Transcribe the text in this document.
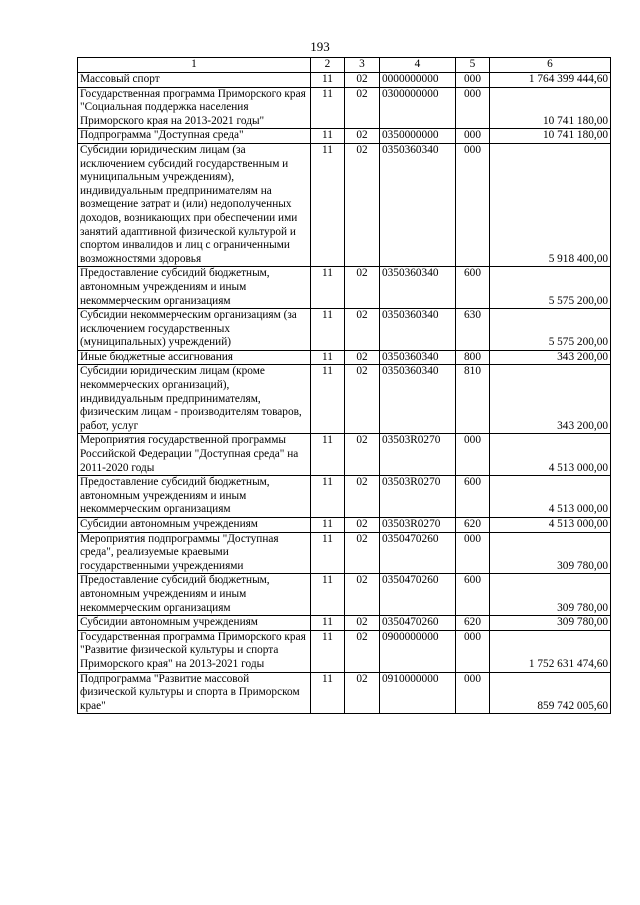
193
1	2	3	4	5	6
Массовый спорт	11	02	0000000000	000	1 764 399 444,60
Государственная программа Приморского края "Социальная поддержка населения Приморского края на 2013-2021 годы"	11	02	0300000000	000	10 741 180,00
Подпрограмма "Доступная среда"	11	02	0350000000	000	10 741 180,00
Субсидии юридическим лицам (за исключением субсидий государственным и муниципальным учреждениям), индивидуальным предпринимателям на возмещение затрат и (или) недополученных доходов, возникающих при обеспечении ими занятий адаптивной физической культурой и спортом инвалидов и лиц с ограниченными возможностями здоровья	11	02	0350360340	000	5 918 400,00
Предоставление субсидий бюджетным, автономным учреждениям и иным некоммерческим организациям	11	02	0350360340	600	5 575 200,00
Субсидии некоммерческим организациям (за исключением государственных (муниципальных) учреждений)	11	02	0350360340	630	5 575 200,00
Иные бюджетные ассигнования	11	02	0350360340	800	343 200,00
Субсидии юридическим лицам (кроме некоммерческих организаций), индивидуальным предпринимателям, физическим лицам - производителям товаров, работ, услуг	11	02	0350360340	810	343 200,00
Мероприятия государственной программы Российской Федерации "Доступная среда" на 2011-2020 годы	11	02	03503R0270	000	4 513 000,00
Предоставление субсидий бюджетным, автономным учреждениям и иным некоммерческим организациям	11	02	03503R0270	600	4 513 000,00
Субсидии автономным учреждениям	11	02	03503R0270	620	4 513 000,00
Мероприятия подпрограммы "Доступная среда", реализуемые краевыми государственными учреждениями	11	02	0350470260	000	309 780,00
Предоставление субсидий бюджетным, автономным учреждениям и иным некоммерческим организациям	11	02	0350470260	600	309 780,00
Субсидии автономным учреждениям	11	02	0350470260	620	309 780,00
Государственная программа Приморского края "Развитие физической культуры и спорта Приморского края" на 2013-2021 годы	11	02	0900000000	000	1 752 631 474,60
Подпрограмма "Развитие массовой физической культуры и спорта в Приморском крае"	11	02	0910000000	000	859 742 005,60
